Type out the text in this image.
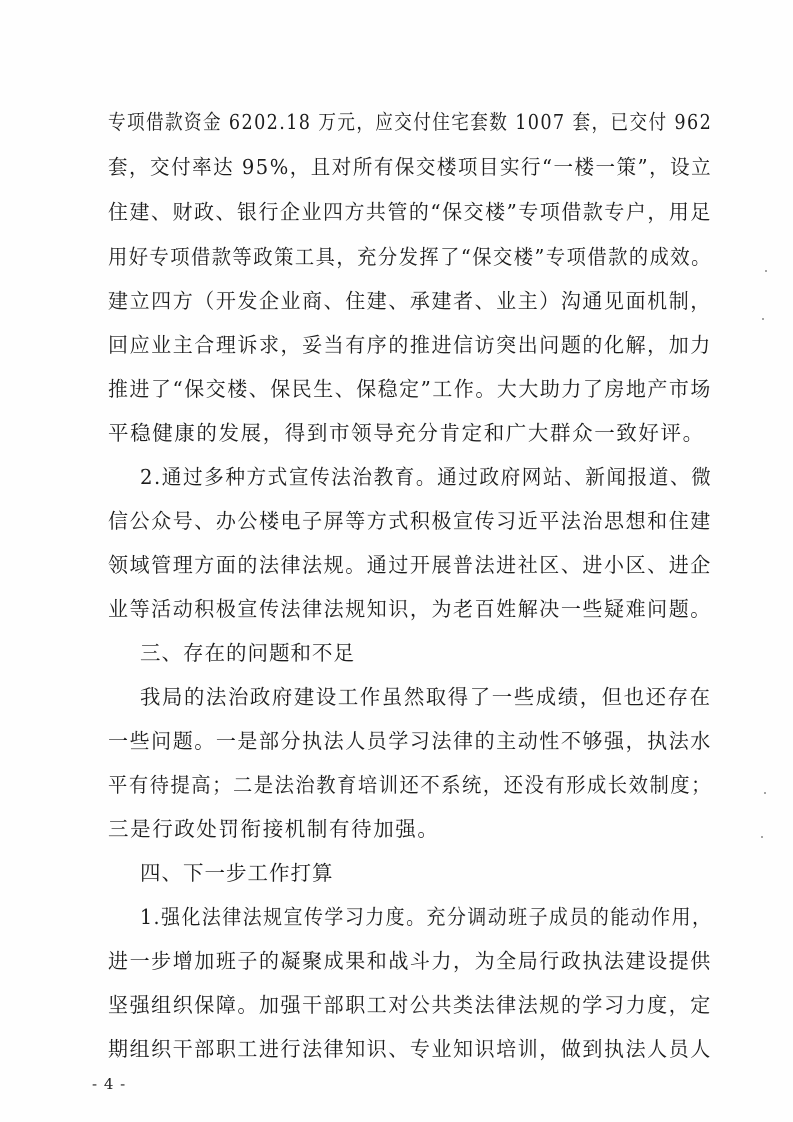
专项借款资金 6202.18 万元，应交付住宅套数 1007 套，已交付 962
套，交付率达 95%，且对所有保交楼项目实行“一楼一策”，设立
住建、财政、银行企业四方共管的“保交楼”专项借款专户，用足
用好专项借款等政策工具，充分发挥了“保交楼”专项借款的成效。
建立四方（开发企业商、住建、承建者、业主）沟通见面机制，
回应业主合理诉求，妥当有序的推进信访突出问题的化解，加力
推进了“保交楼、保民生、保稳定”工作。大大助力了房地产市场
平稳健康的发展，得到市领导充分肯定和广大群众一致好评。
2.通过多种方式宣传法治教育。通过政府网站、新闻报道、微
信公众号、办公楼电子屏等方式积极宣传习近平法治思想和住建
领域管理方面的法律法规。通过开展普法进社区、进小区、进企
业等活动积极宣传法律法规知识，为老百姓解决一些疑难问题。
三、存在的问题和不足
我局的法治政府建设工作虽然取得了一些成绩，但也还存在
一些问题。一是部分执法人员学习法律的主动性不够强，执法水
平有待提高；二是法治教育培训还不系统，还没有形成长效制度；
三是行政处罚衔接机制有待加强。
四、下一步工作打算
1.强化法律法规宣传学习力度。充分调动班子成员的能动作用，
进一步增加班子的凝聚成果和战斗力，为全局行政执法建设提供
坚强组织保障。加强干部职工对公共类法律法规的学习力度，定
- 4 -
期组织干部职工进行法律知识、专业知识培训，做到执法人员人
